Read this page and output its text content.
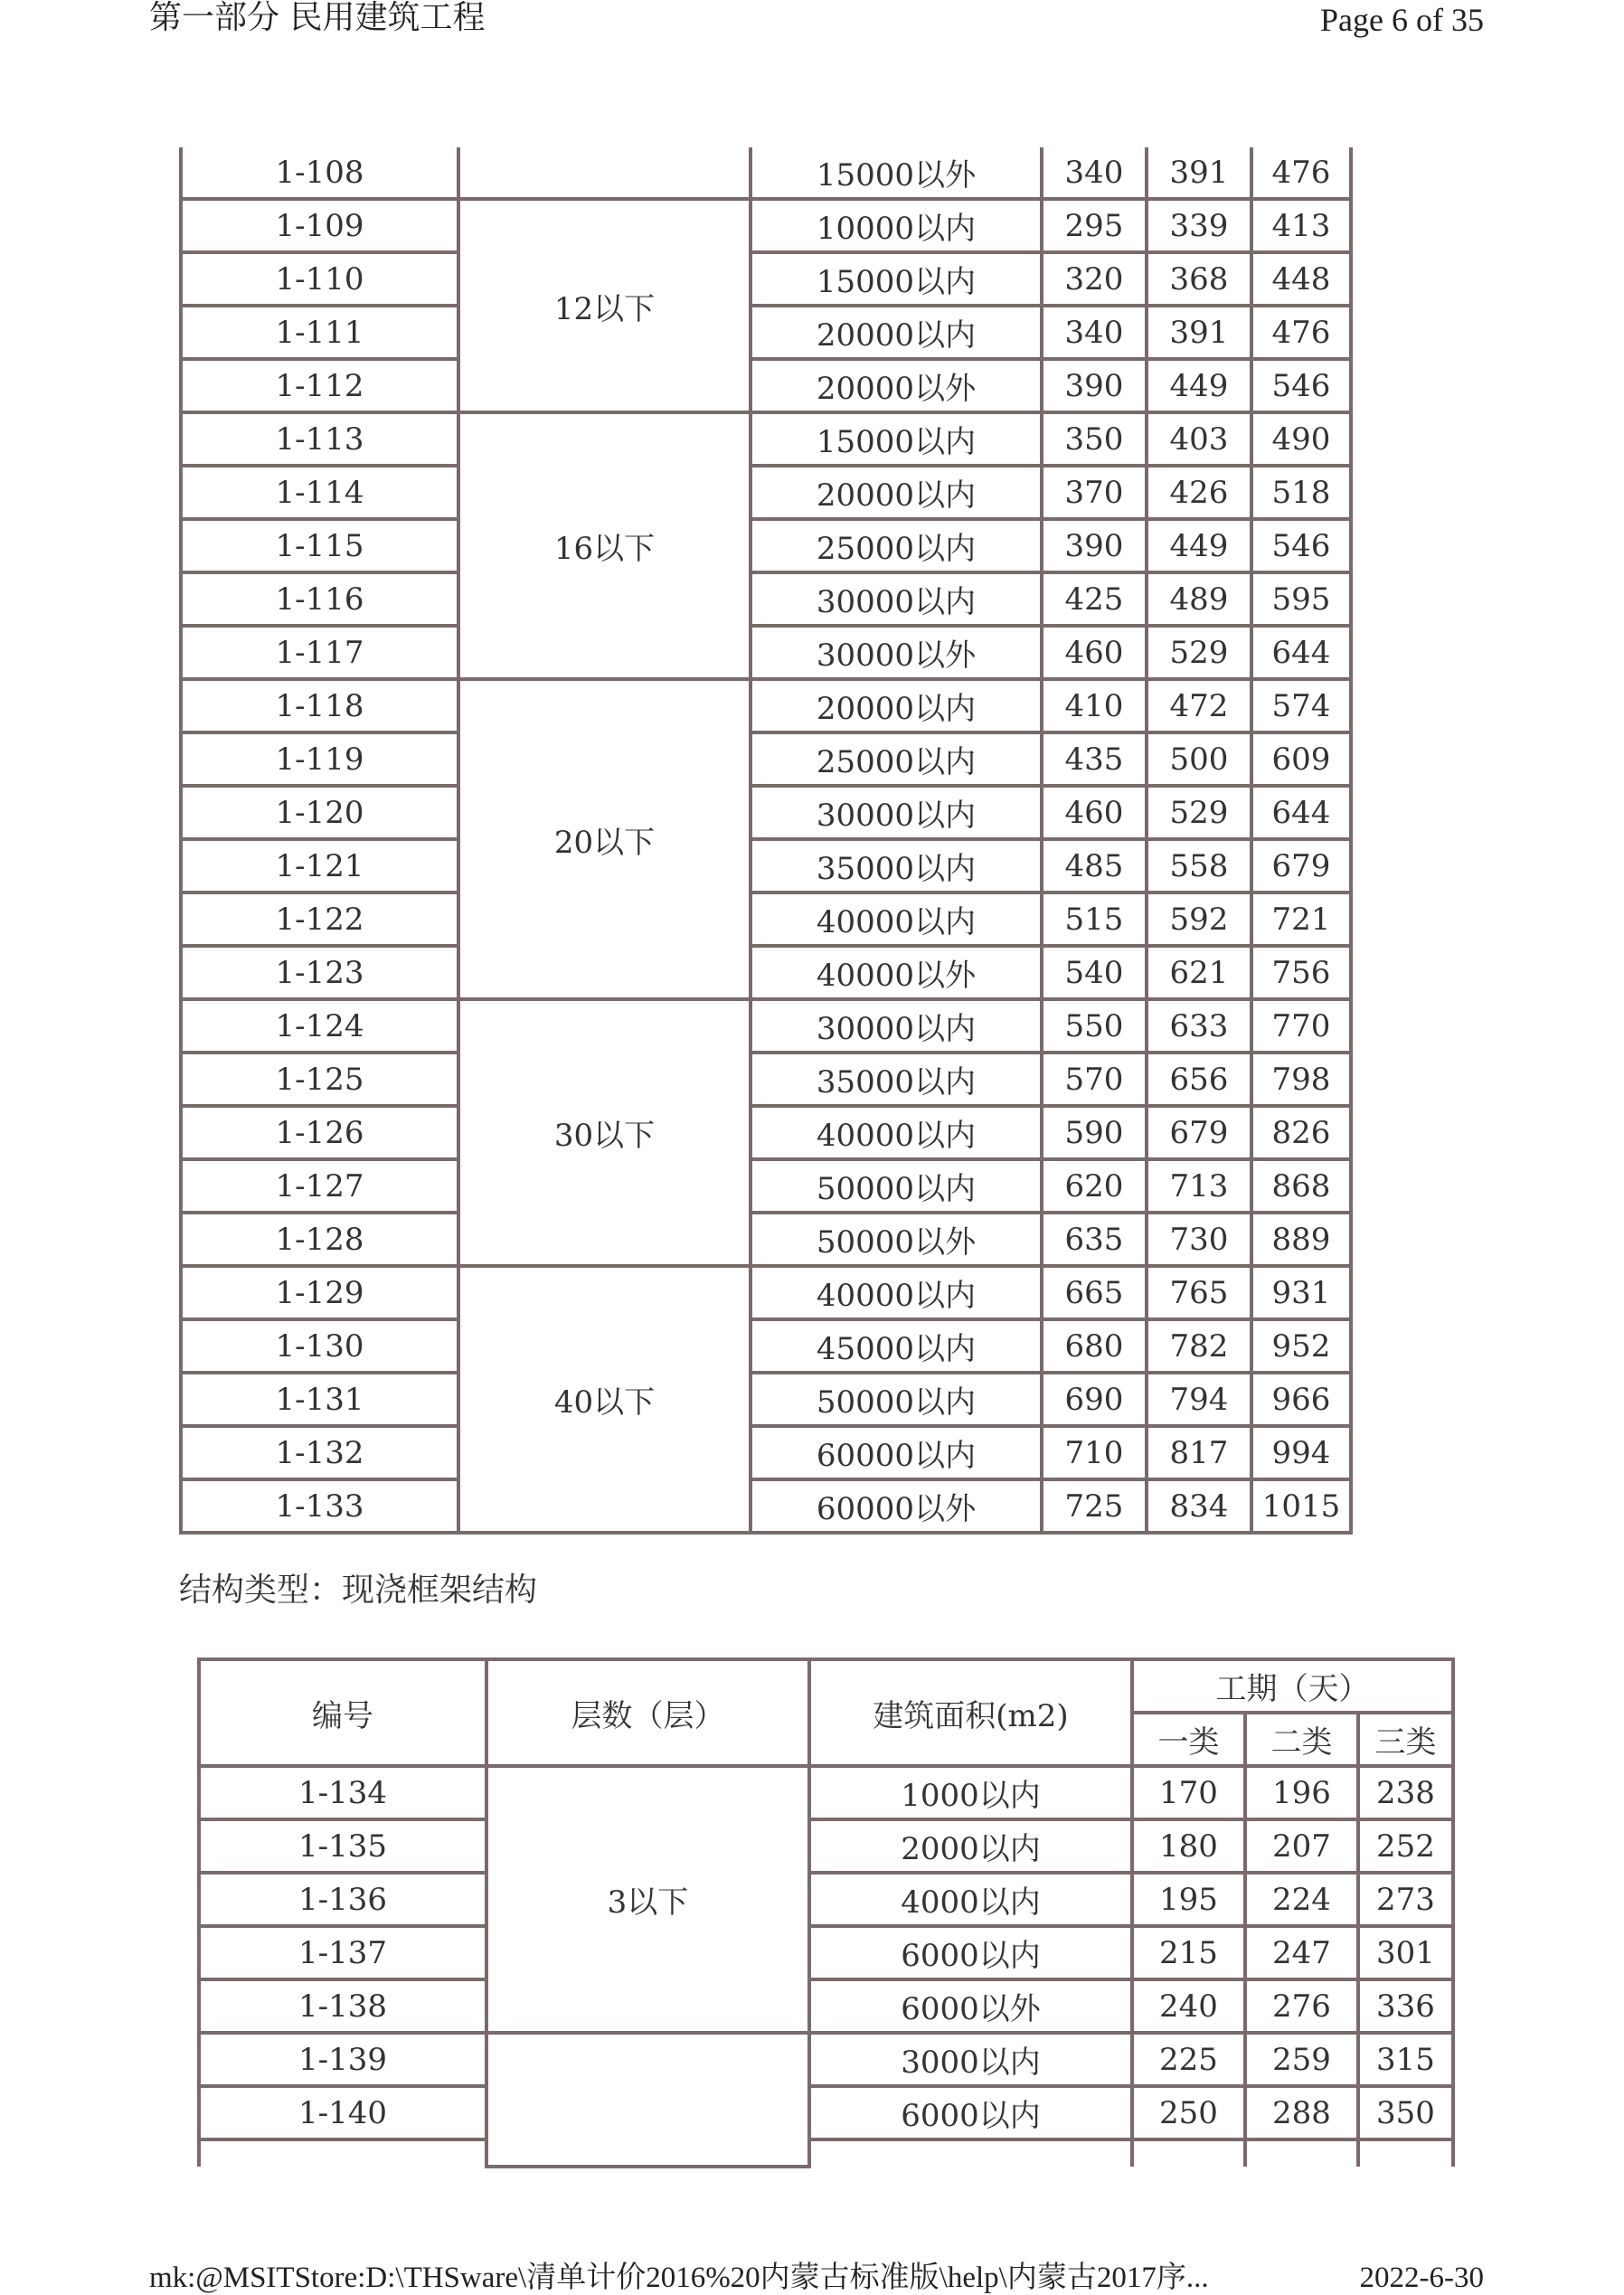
第一部分 民用建筑工程	Page 6 of 35
1-108		15000以外	340	391	476
1-109	12以下	10000以内	295	339	413
1-110		15000以内	320	368	448
1-111		20000以内	340	391	476
1-112		20000以外	390	449	546
1-113	16以下	15000以内	350	403	490
1-114		20000以内	370	426	518
1-115		25000以内	390	449	546
1-116		30000以内	425	489	595
1-117		30000以外	460	529	644
1-118	20以下	20000以内	410	472	574
1-119		25000以内	435	500	609
1-120		30000以内	460	529	644
1-121		35000以内	485	558	679
1-122		40000以内	515	592	721
1-123		40000以外	540	621	756
1-124	30以下	30000以内	550	633	770
1-125		35000以内	570	656	798
1-126		40000以内	590	679	826
1-127		50000以内	620	713	868
1-128		50000以外	635	730	889
1-129	40以下	40000以内	665	765	931
1-130		45000以内	680	782	952
1-131		50000以内	690	794	966
1-132		60000以内	710	817	994
1-133		60000以外	725	834	1015
结构类型：现浇框架结构
编号	层数（层）	建筑面积(m2)	工期（天）		
			一类	二类	三类
1-134	3以下	1000以内	170	196	238
1-135		2000以内	180	207	252
1-136		4000以内	195	224	273
1-137		6000以内	215	247	301
1-138		6000以外	240	276	336
1-139		3000以内	225	259	315
1-140		6000以内	250	288	350

mk:@MSITStore:D:\THSware\清单计价2016%20内蒙古标准版\help\内蒙古2017序...	2022-6-30
